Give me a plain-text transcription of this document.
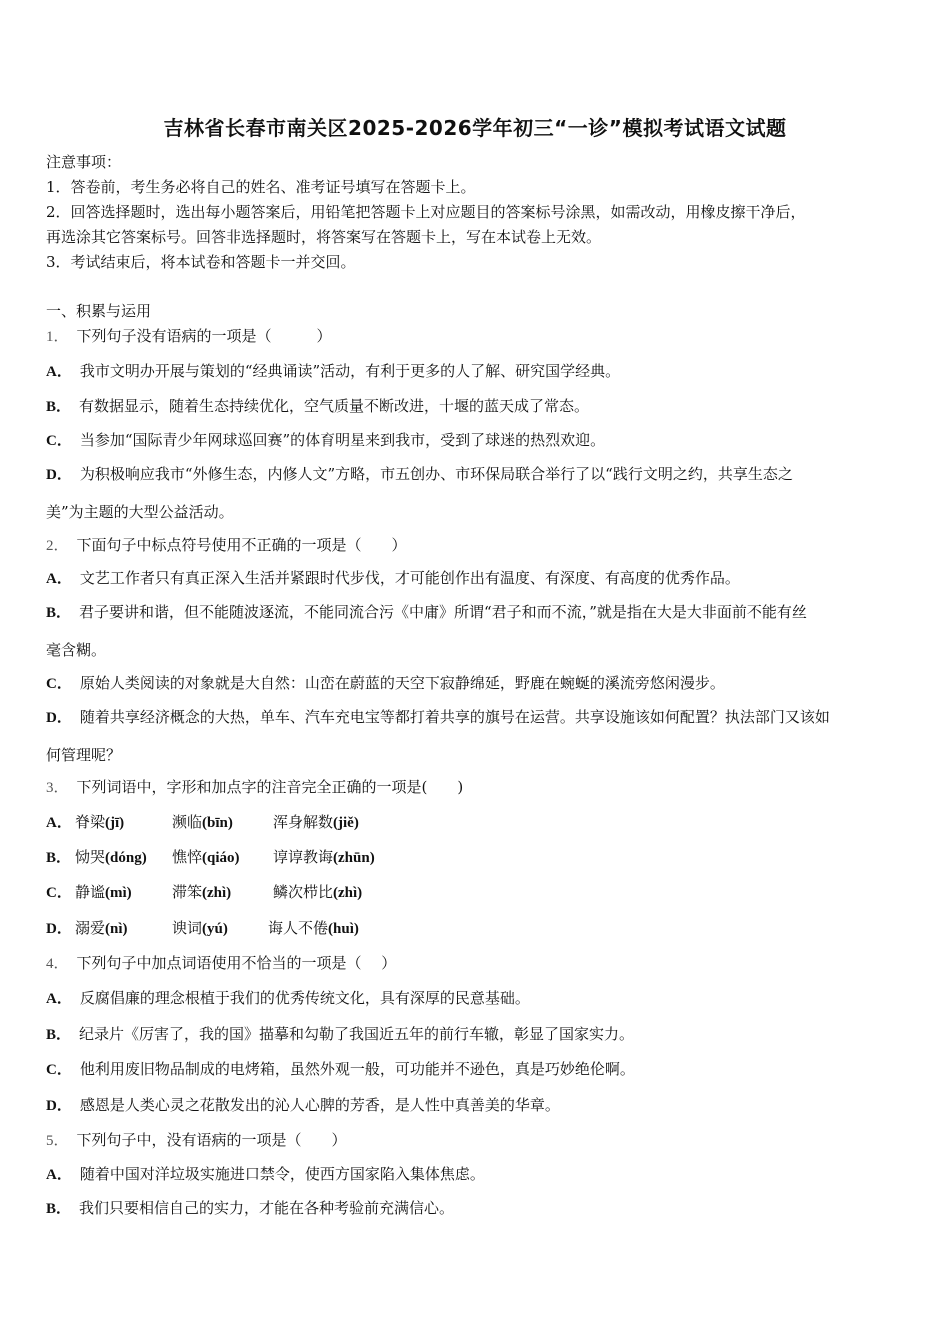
吉林省长春市南关区2025-2026学年初三“一诊”模拟考试语文试题
注意事项：
1．答卷前，考生务必将自己的姓名、准考证号填写在答题卡上。
2．回答选择题时，选出每小题答案后，用铅笔把答题卡上对应题目的答案标号涂黑，如需改动，用橡皮擦干净后，
再选涂其它答案标号。回答非选择题时，将答案写在答题卡上，写在本试卷上无效。
3．考试结束后，将本试卷和答题卡一并交回。
一、积累与运用
1． 下列句子没有语病的一项是（　　　）
A． 我市文明办开展与策划的“经典诵读”活动，有利于更多的人了解、研究国学经典。
B． 有数据显示，随着生态持续优化，空气质量不断改进，十堰的蓝天成了常态。
C． 当参加“国际青少年网球巡回赛”的体育明星来到我市，受到了球迷的热烈欢迎。
D． 为积极响应我市“外修生态，内修人文”方略，市五创办、市环保局联合举行了以“践行文明之约，共享生态之
美”为主题的大型公益活动。
2． 下面句子中标点符号使用不正确的一项是（　　）
A． 文艺工作者只有真正深入生活并紧跟时代步伐，才可能创作出有温度、有深度、有高度的优秀作品。
B． 君子要讲和谐，但不能随波逐流，不能同流合污《中庸》所谓“君子和而不流，”就是指在大是大非面前不能有丝
毫含糊。
C． 原始人类阅读的对象就是大自然：山峦在蔚蓝的天空下寂静绵延，野鹿在蜿蜒的溪流旁悠闲漫步。
D． 随着共享经济概念的大热，单车、汽车充电宝等都打着共享的旗号在运营。共享设施该如何配置？执法部门又该如
何管理呢？
3． 下列词语中，字形和加点字的注音完全正确的一项是(　　)
A． 脊梁(jī)	濒临(bīn)	浑身解数(jiě)
B． 恸哭(dóng) 憔悴(qiáo) 谆谆教诲(zhūn)
C． 静谧(mì)	滞笨(zhì)	鳞次栉比(zhì)
D． 溺爱(nì)	谀词(yú)	诲人不倦(huì)
4． 下列句子中加点词语使用不恰当的一项是（　 ）
A． 反腐倡廉的理念根植于我们的优秀传统文化，具有深厚的民意基础。
B． 纪录片《厉害了，我的国》描摹和勾勒了我国近五年的前行车辙，彰显了国家实力。
C． 他利用废旧物品制成的电烤箱，虽然外观一般，可功能并不逊色，真是巧妙绝伦啊。
D． 感恩是人类心灵之花散发出的沁人心脾的芳香，是人性中真善美的华章。
5． 下列句子中，没有语病的一项是（　　）
A． 随着中国对洋垃圾实施进口禁令，使西方国家陷入集体焦虑。
B． 我们只要相信自己的实力，才能在各种考验前充满信心。
